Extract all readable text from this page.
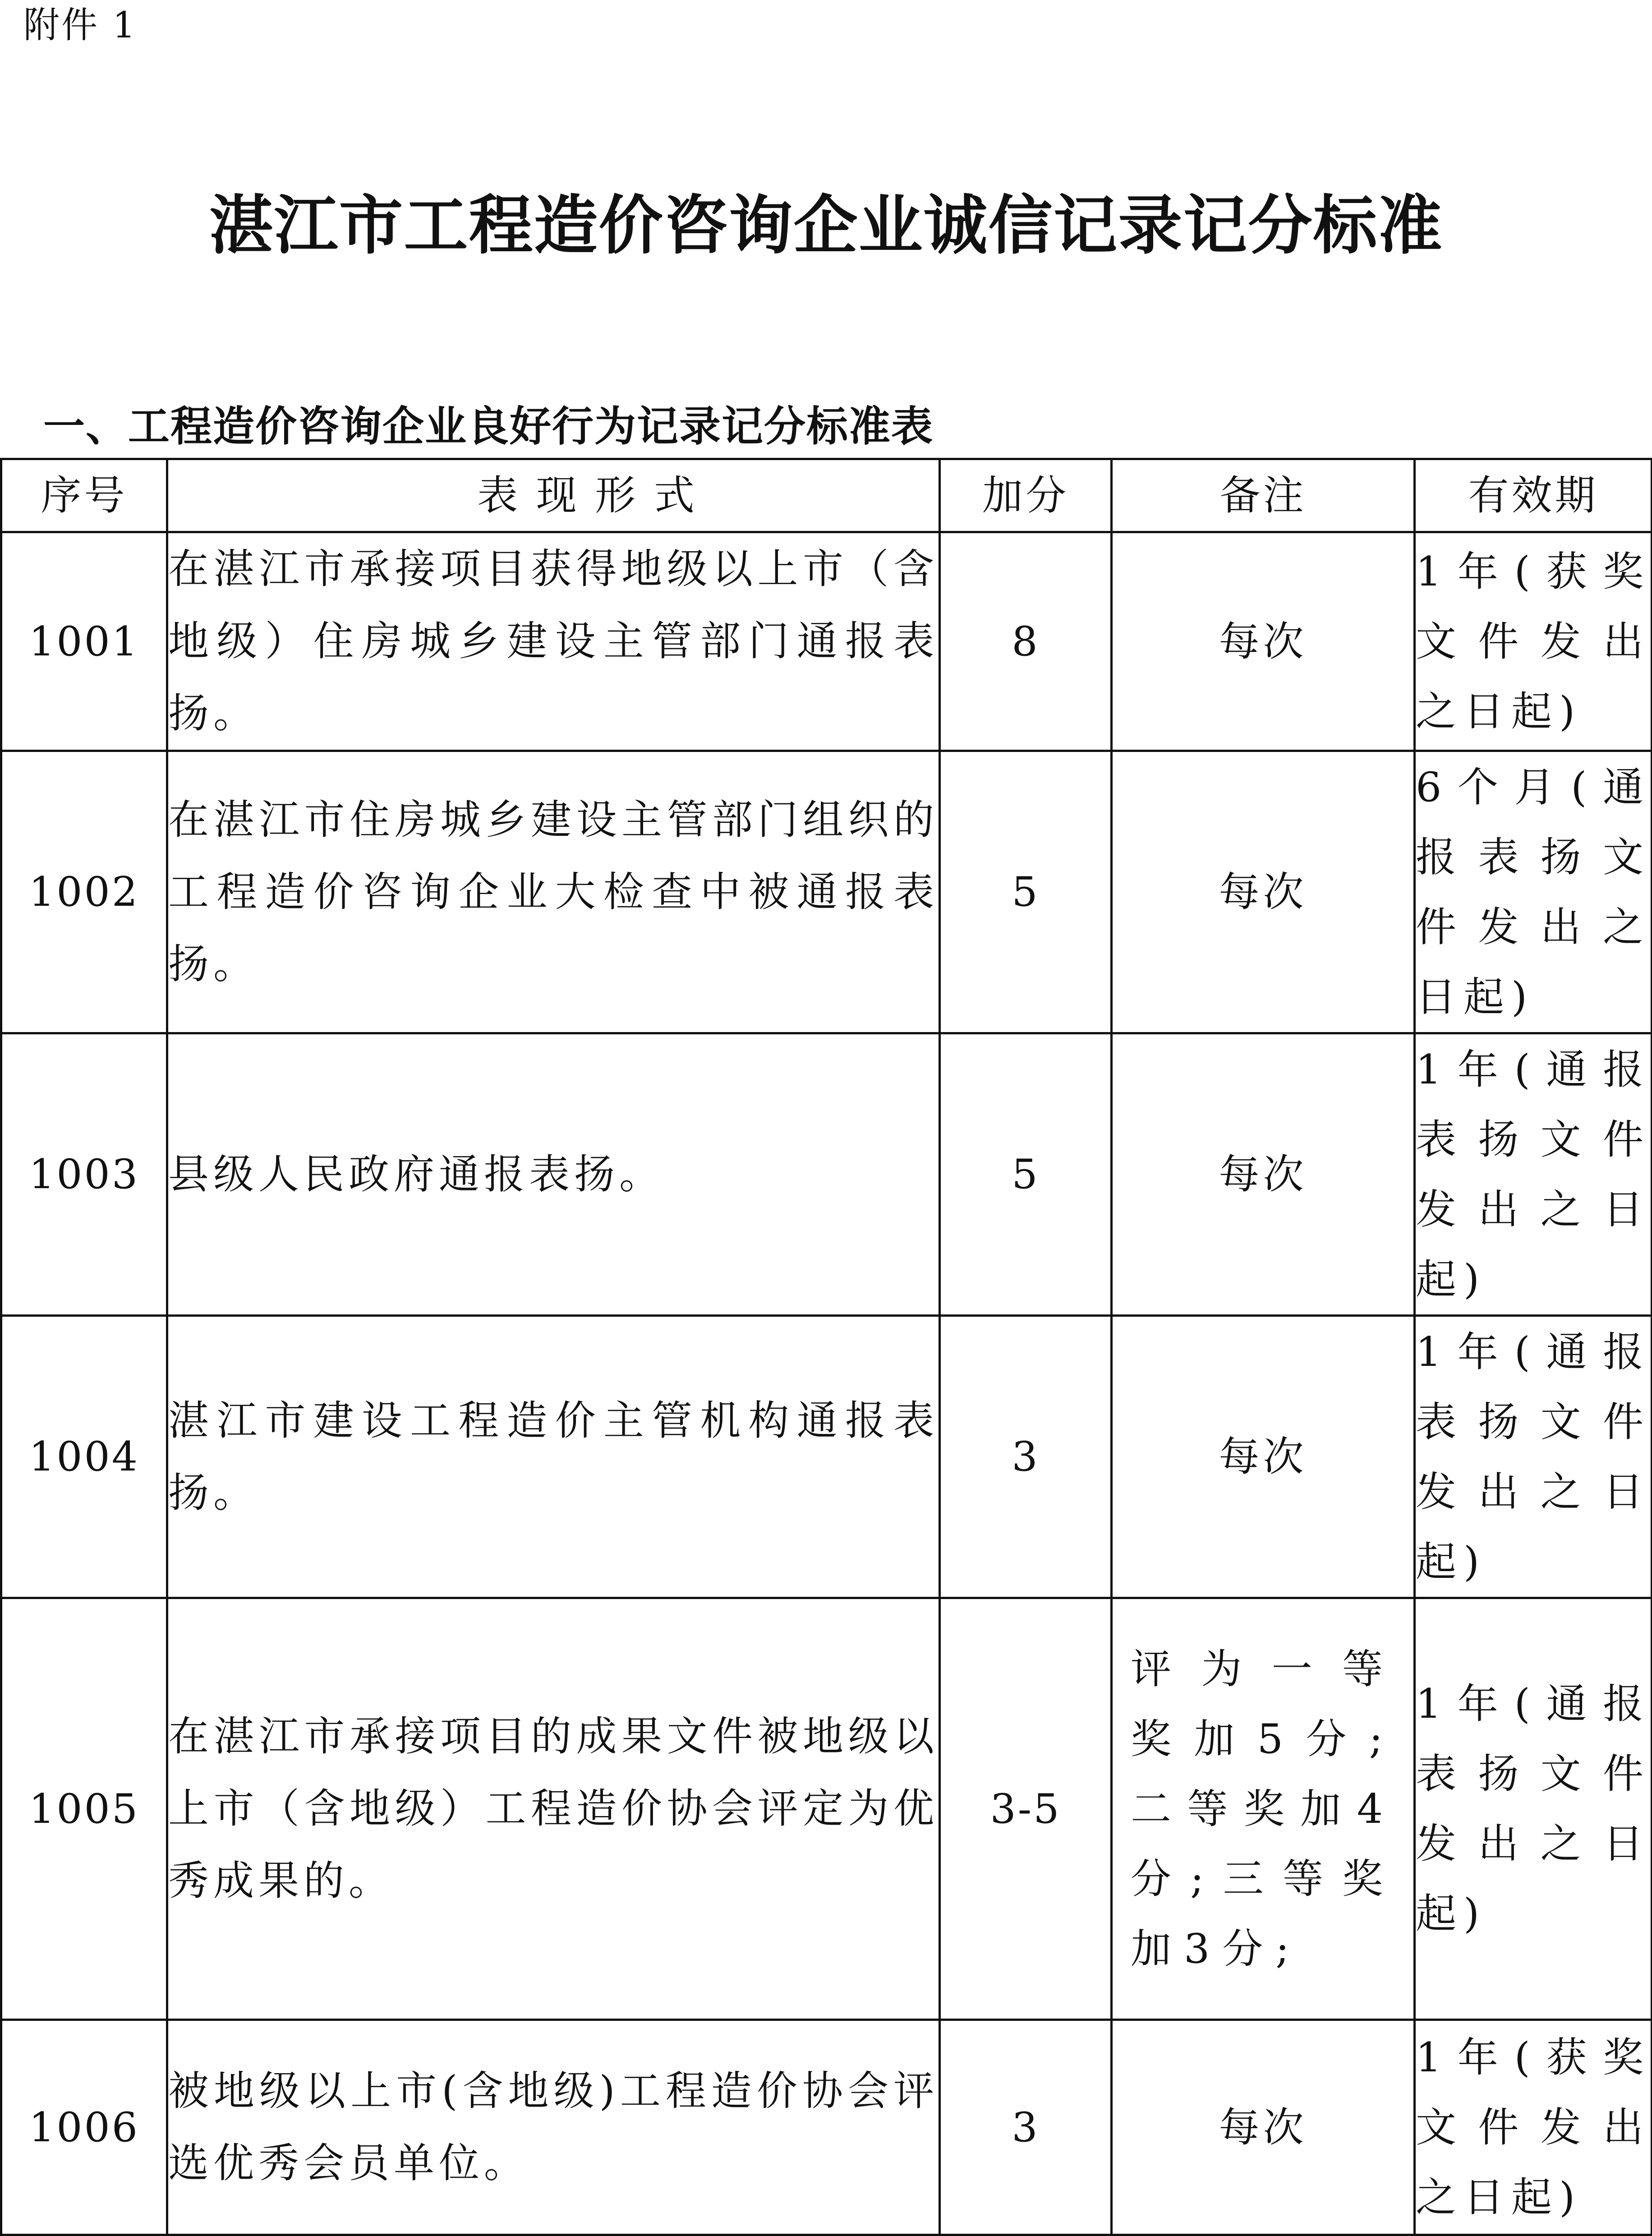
附件 1
湛江市工程造价咨询企业诚信记录记分标准
一、工程造价咨询企业良好行为记录记分标准表
序号	表 现 形 式	加分	备注	有效期
1001	在湛江市承接项目获得地级以上市（含地级）住房城乡建设主管部门通报表扬。	8	每次	1年(获奖文件发出之日起)
1002	在湛江市住房城乡建设主管部门组织的工程造价咨询企业大检查中被通报表扬。	5	每次	6个月(通报表扬文件发出之日起)
1003	县级人民政府通报表扬。	5	每次	1年(通报表扬文件发出之日起)
1004	湛江市建设工程造价主管机构通报表扬。	3	每次	1年(通报表扬文件发出之日起)
1005	在湛江市承接项目的成果文件被地级以上市（含地级）工程造价协会评定为优秀成果的。	3-5	评为一等奖加5分;二等奖加4分;三等奖加3分;	1年(通报表扬文件发出之日起)
1006	被地级以上市(含地级)工程造价协会评选优秀会员单位。	3	每次	1年(获奖文件发出之日起)
